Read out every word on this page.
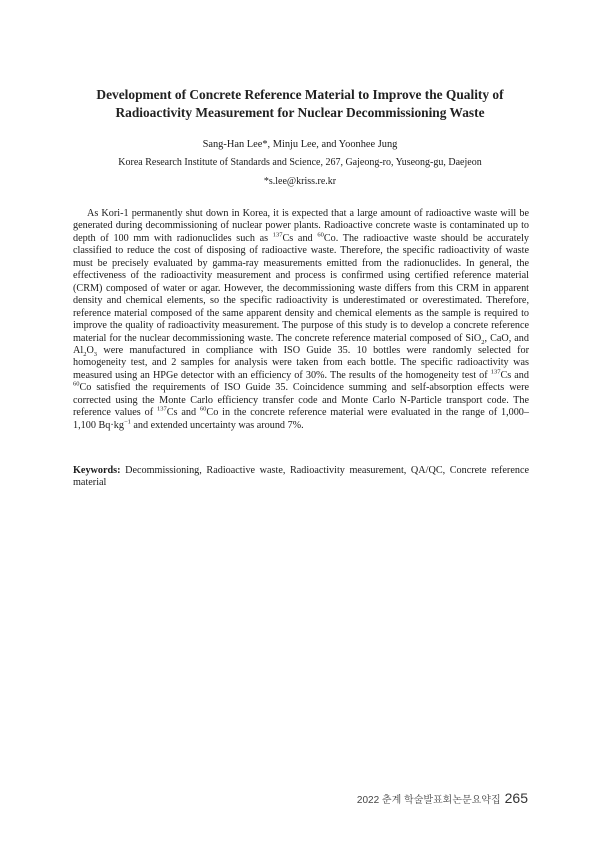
Development of Concrete Reference Material to Improve the Quality of
Radioactivity Measurement for Nuclear Decommissioning Waste
Sang-Han Lee*, Minju Lee, and Yoonhee Jung
Korea Research Institute of Standards and Science, 267, Gajeong-ro, Yuseong-gu, Daejeon
*s.lee@kriss.re.kr

As Kori-1 permanently shut down in Korea, it is expected that a large amount of radioactive waste will be generated during decommissioning of nuclear power plants. Radioactive concrete waste is contaminated up to depth of 100 mm with radionuclides such as $^{137}$Cs and $^{60}$Co. The radioactive waste should be accurately classified to reduce the cost of disposing of radioactive waste. Therefore, the specific radioactivity of waste must be precisely evaluated by gamma-ray measurements emitted from the radionuclides. In general, the effectiveness of the radioactivity measurement and process is confirmed using certified reference material (CRM) composed of water or agar. However, the decommissioning waste differs from this CRM in apparent density and chemical elements, so the specific radioactivity is underestimated or overestimated. Therefore, reference material composed of the same apparent density and chemical elements as the sample is required to improve the quality of radioactivity measurement. The purpose of this study is to develop a concrete reference material for the nuclear decommissioning waste. The concrete reference material composed of SiO$_2$, CaO, and $Al_2O_3$ were manufactured in compliance with ISO Guide 35. 10 bottles were randomly selected for homogeneity test, and 2 samples for analysis were taken from each bottle. The specific radioactivity was measured using an HPGe detector with an efficiency of 30%. The results of the homogeneity test of $^{137}$Cs and $^{60}$Co satisfied the requirements of ISO Guide 35. Coincidence summing and self-absorption effects were corrected using the Monte Carlo efficiency transfer code and Monte Carlo N-Particle transport code. The reference values of $^{137}$Cs and $^{60}$Co in the concrete reference material were evaluated in the range of 1,000–1,100 $Bq\cdot kg^{-1}$ and extended uncertainty was around 7%.

Keywords: Decommissioning, Radioactive waste, Radioactivity measurement, QA/QC, Concrete reference material

2022 춘계 학술발표회논문요약집 265
